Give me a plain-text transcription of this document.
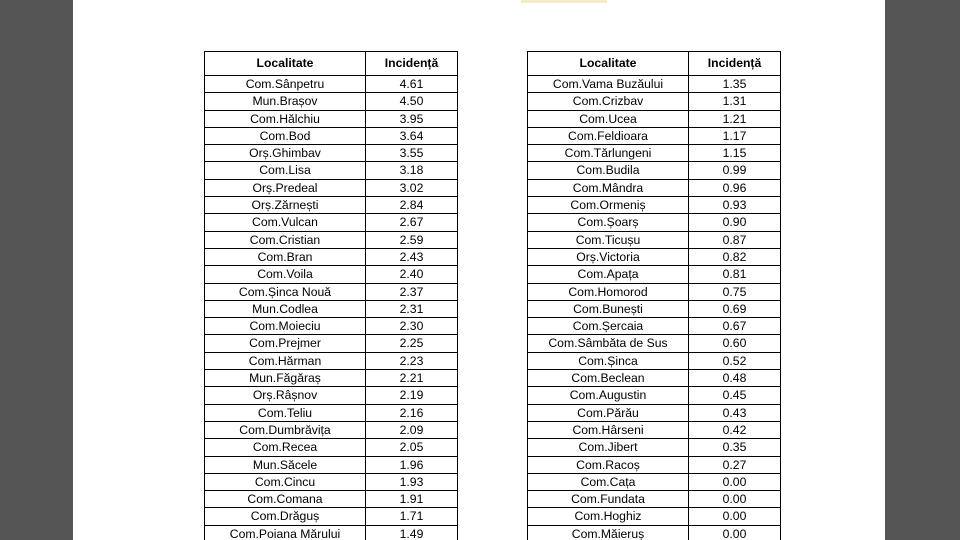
Localitate	Incidență
Com.Sânpetru	4.61
Mun.Brașov	4.50
Com.Hălchiu	3.95
Com.Bod	3.64
Orș.Ghimbav	3.55
Com.Lisa	3.18
Orș.Predeal	3.02
Orș.Zărnești	2.84
Com.Vulcan	2.67
Com.Cristian	2.59
Com.Bran	2.43
Com.Voila	2.40
Com.Șinca Nouă	2.37
Mun.Codlea	2.31
Com.Moieciu	2.30
Com.Prejmer	2.25
Com.Hărman	2.23
Mun.Făgăraș	2.21
Orș.Râșnov	2.19
Com.Teliu	2.16
Com.Dumbrăvița	2.09
Com.Recea	2.05
Mun.Săcele	1.96
Com.Cincu	1.93
Com.Comana	1.91
Com.Drăguș	1.71
Com.Poiana Mărului	1.49
Localitate	Incidență
Com.Vama Buzăului	1.35
Com.Crizbav	1.31
Com.Ucea	1.21
Com.Feldioara	1.17
Com.Tărlungeni	1.15
Com.Budila	0.99
Com.Mândra	0.96
Com.Ormeniș	0.93
Com.Șoarș	0.90
Com.Ticușu	0.87
Orș.Victoria	0.82
Com.Apața	0.81
Com.Homorod	0.75
Com.Bunești	0.69
Com.Șercaia	0.67
Com.Sâmbăta de Sus	0.60
Com.Șinca	0.52
Com.Beclean	0.48
Com.Augustin	0.45
Com.Părău	0.43
Com.Hârseni	0.42
Com.Jibert	0.35
Com.Racoș	0.27
Com.Cața	0.00
Com.Fundata	0.00
Com.Hoghiz	0.00
Com.Măieruș	0.00
